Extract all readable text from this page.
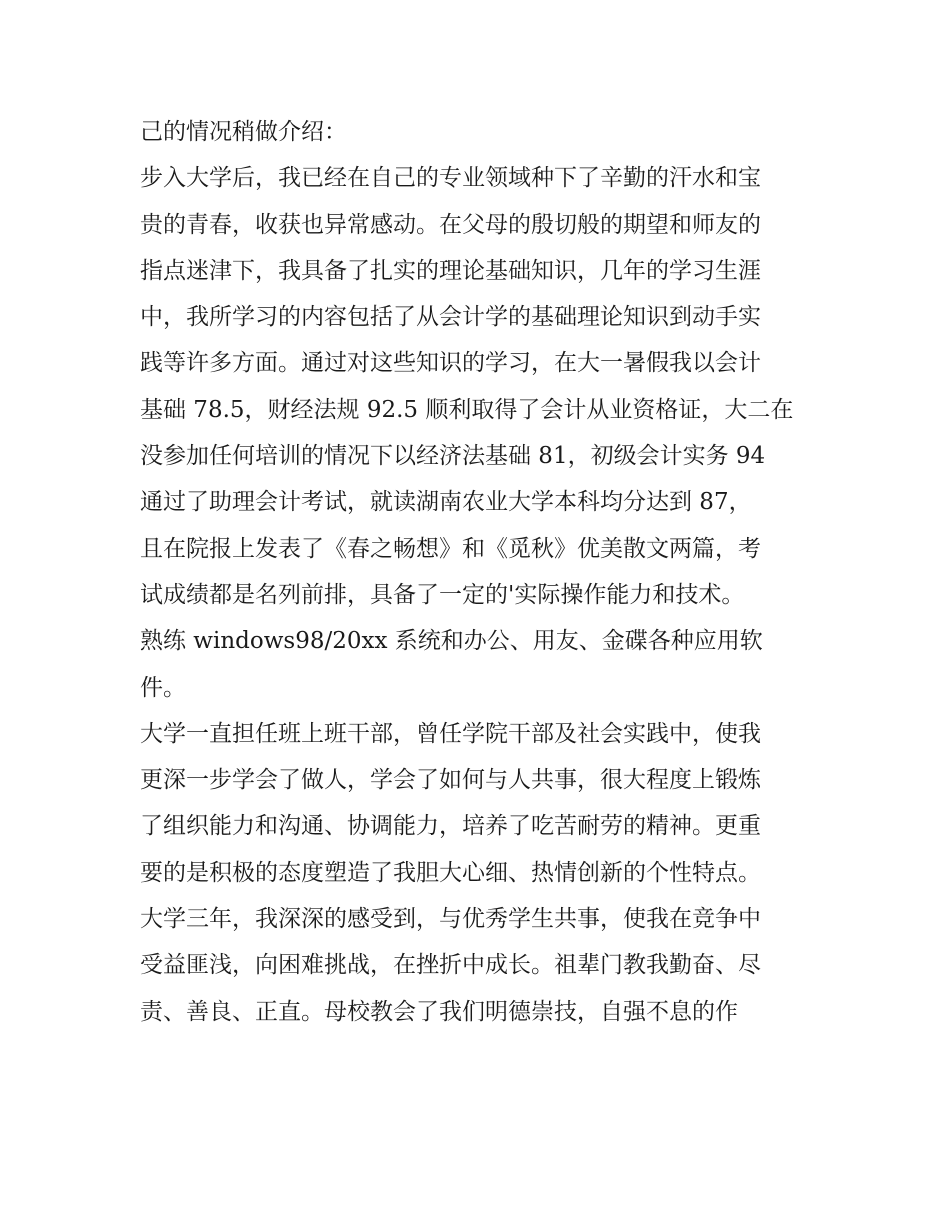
己的情况稍做介绍：
步入大学后，我已经在自己的专业领域种下了辛勤的汗水和宝
贵的青春，收获也异常感动。在父母的殷切般的期望和师友的
指点迷津下，我具备了扎实的理论基础知识，几年的学习生涯
中，我所学习的内容包括了从会计学的基础理论知识到动手实
践等许多方面。通过对这些知识的学习，在大一暑假我以会计
基础 78.5，财经法规 92.5 顺利取得了会计从业资格证，大二在
没参加任何培训的情况下以经济法基础 81，初级会计实务 94
通过了助理会计考试，就读湖南农业大学本科均分达到 87，
且在院报上发表了《春之畅想》和《觅秋》优美散文两篇，考
试成绩都是名列前排，具备了一定的'实际操作能力和技术。
熟练 windows98/20xx 系统和办公、用友、金碟各种应用软
件。
大学一直担任班上班干部，曾任学院干部及社会实践中，使我
更深一步学会了做人，学会了如何与人共事，很大程度上锻炼
了组织能力和沟通、协调能力，培养了吃苦耐劳的精神。更重
要的是积极的态度塑造了我胆大心细、热情创新的个性特点。
大学三年，我深深的感受到，与优秀学生共事，使我在竞争中
受益匪浅，向困难挑战，在挫折中成长。祖辈门教我勤奋、尽
责、善良、正直。母校教会了我们明德崇技，自强不息的作
